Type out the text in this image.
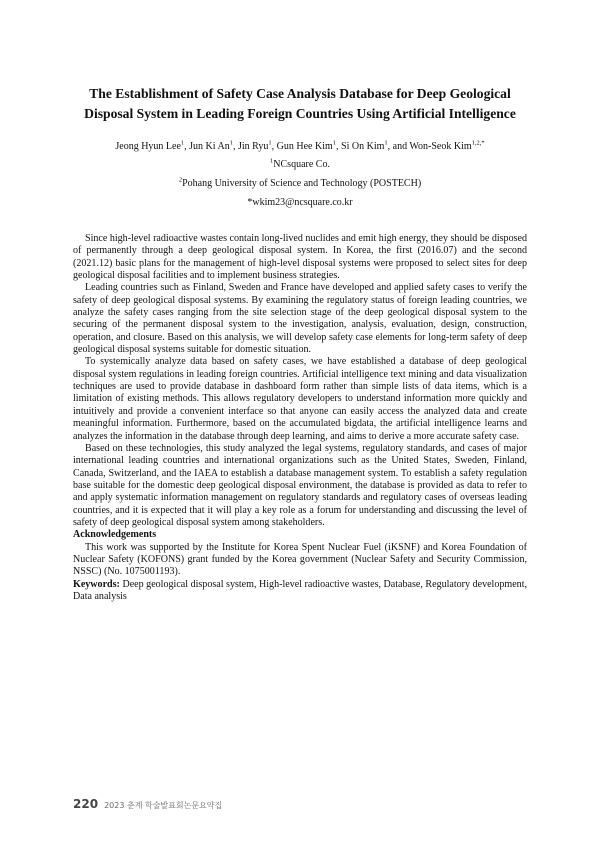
The Establishment of Safety Case Analysis Database for Deep Geological
Disposal System in Leading Foreign Countries Using Artificial Intelligence
Jeong Hyun Lee$^1$, Jun Ki An$^1$, Jin Ryu$^1$, Gun Hee Kim$^1$, Si On Kim$^1$, and Won-Seok Kim$^{1,2,*}$
$^1$NCsquare Co.
$^2$Pohang University of Science and Technology (POSTECH)
*wkim23@ncsquare.co.kr

Since high-level radioactive wastes contain long-lived nuclides and emit high energy, they should be disposed of permanently through a deep geological disposal system. In Korea, the first (2016.07) and the second (2021.12) basic plans for the management of high-level disposal systems were proposed to select sites for deep geological disposal facilities and to implement business strategies.

Leading countries such as Finland, Sweden and France have developed and applied safety cases to verify the safety of deep geological disposal systems. By examining the regulatory status of foreign leading countries, we analyze the safety cases ranging from the site selection stage of the deep geological disposal system to the securing of the permanent disposal system to the investigation, analysis, evaluation, design, construction, operation, and closure. Based on this analysis, we will develop safety case elements for long-term safety of deep geological disposal systems suitable for domestic situation.

To systemically analyze data based on safety cases, we have established a database of deep geological disposal system regulations in leading foreign countries. Artificial intelligence text mining and data visualization techniques are used to provide database in dashboard form rather than simple lists of data items, which is a limitation of existing methods. This allows regulatory developers to understand information more quickly and intuitively and provide a convenient interface so that anyone can easily access the analyzed data and create meaningful information. Furthermore, based on the accumulated bigdata, the artificial intelligence learns and analyzes the information in the database through deep learning, and aims to derive a more accurate safety case.

Based on these technologies, this study analyzed the legal systems, regulatory standards, and cases of major international leading countries and international organizations such as the United States, Sweden, Finland, Canada, Switzerland, and the IAEA to establish a database management system. To establish a safety regulation base suitable for the domestic deep geological disposal environment, the database is provided as data to refer to and apply systematic information management on regulatory standards and regulatory cases of overseas leading countries, and it is expected that it will play a key role as a forum for understanding and discussing the level of safety of deep geological disposal system among stakeholders.

Acknowledgements

This work was supported by the Institute for Korea Spent Nuclear Fuel (iKSNF) and Korea Foundation of Nuclear Safety (KOFONS) grant funded by the Korea government (Nuclear Safety and Security Commission, NSSC) (No. 1075001193).

Keywords: Deep geological disposal system, High-level radioactive wastes, Database, Regulatory development, Data analysis

220 2023 춘계 학술발표회논문요약집
